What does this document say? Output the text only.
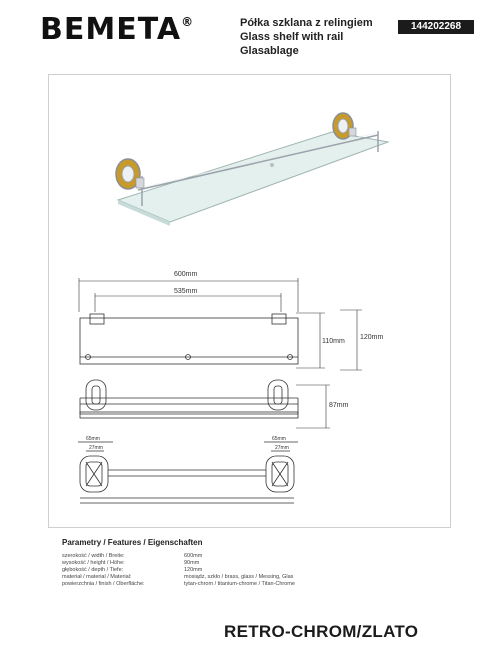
BEMETA®	Półka szklana z relingiem
Glass shelf with rail
Glasablage
144202268
600mm
535mm
110mm
120mm
87mm
65mm	65mm
27mm	27mm
Parametry / Features / Eigenschaften
szerokość / width / Breite:	600mm
wysokość / height / Höhe:	90mm
głębokość / depth / Tiefe:	120mm
materiał / material / Material:	mosiądz, szkło / brass, glass / Messing, Glas
powierzchnia / finish / Oberfläche:	tytan-chrom / titanium-chrome / Titan-Chrome
RETRO-CHROM/ZLATO
